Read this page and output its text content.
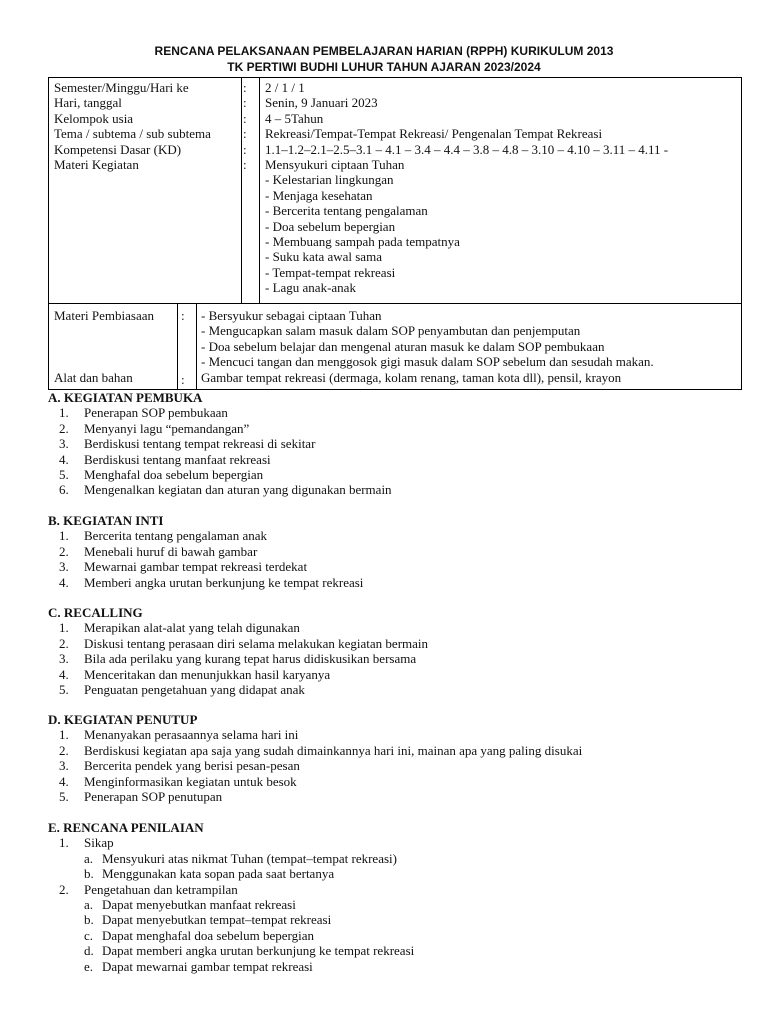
RENCANA PELAKSANAAN PEMBELAJARAN HARIAN (RPPH) KURIKULUM 2013
TK PERTIWI BUDHI LUHUR TAHUN AJARAN 2023/2024
Semester/Minggu/Hari ke
Hari, tanggal
Kelompok usia
Tema / subtema / sub subtema
Kompetensi Dasar (KD)
Materi Kegiatan
:
:
:
:
:
:
2 / 1 / 1
Senin, 9 Januari 2023
4 – 5Tahun
Rekreasi/Tempat-Tempat Rekreasi/ Pengenalan Tempat Rekreasi
1.1–1.2–2.1–2.5–3.1 – 4.1 – 3.4 – 4.4 – 3.8 – 4.8 – 3.10 – 4.10 – 3.11 – 4.11 -
Mensyukuri ciptaan Tuhan
- Kelestarian lingkungan
- Menjaga kesehatan
- Bercerita tentang pengalaman
- Doa sebelum bepergian
- Membuang sampah pada tempatnya
- Suku kata awal sama
- Tempat-tempat rekreasi
- Lagu anak-anak
Materi Pembiasaan
Alat dan bahan
:
:
- Bersyukur sebagai ciptaan Tuhan
- Mengucapkan salam masuk dalam SOP penyambutan dan penjemputan
- Doa sebelum belajar dan mengenal aturan masuk ke dalam SOP pembukaan
- Mencuci tangan dan menggosok gigi masuk dalam SOP sebelum dan sesudah makan.
Gambar tempat rekreasi (dermaga, kolam renang, taman kota dll), pensil, krayon
A. KEGIATAN PEMBUKA
1. Penerapan SOP pembukaan
2. Menyanyi lagu “pemandangan”
3. Berdiskusi tentang tempat rekreasi di sekitar
4. Berdiskusi tentang manfaat rekreasi
5. Menghafal doa sebelum bepergian
6. Mengenalkan kegiatan dan aturan yang digunakan bermain
B. KEGIATAN INTI
1. Bercerita tentang pengalaman anak
2. Menebali huruf di bawah gambar
3. Mewarnai gambar tempat rekreasi terdekat
4. Memberi angka urutan berkunjung ke tempat rekreasi
C. RECALLING
1. Merapikan alat-alat yang telah digunakan
2. Diskusi tentang perasaan diri selama melakukan kegiatan bermain
3. Bila ada perilaku yang kurang tepat harus didiskusikan bersama
4. Menceritakan dan menunjukkan hasil karyanya
5. Penguatan pengetahuan yang didapat anak
D. KEGIATAN PENUTUP
1. Menanyakan perasaannya selama hari ini
2. Berdiskusi kegiatan apa saja yang sudah dimainkannya hari ini, mainan apa yang paling disukai
3. Bercerita pendek yang berisi pesan-pesan
4. Menginformasikan kegiatan untuk besok
5. Penerapan SOP penutupan
E. RENCANA PENILAIAN
1. Sikap
a. Mensyukuri atas nikmat Tuhan (tempat–tempat rekreasi)
b. Menggunakan kata sopan pada saat bertanya
2. Pengetahuan dan ketrampilan
a. Dapat menyebutkan manfaat rekreasi
b. Dapat menyebutkan tempat–tempat rekreasi
c. Dapat menghafal doa sebelum bepergian
d. Dapat memberi angka urutan berkunjung ke tempat rekreasi
e. Dapat mewarnai gambar tempat rekreasi
